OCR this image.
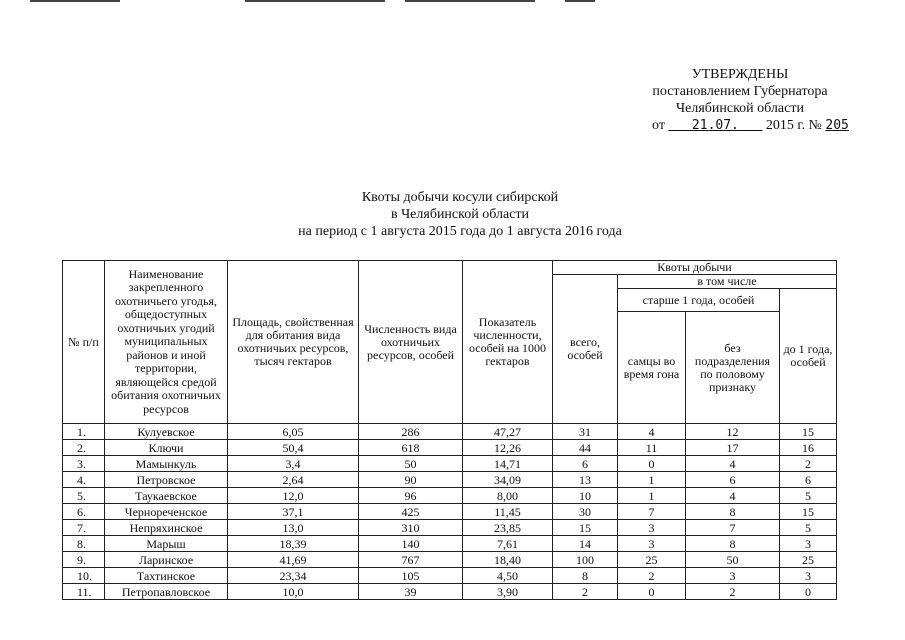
УТВЕРЖДЕНЫ
постановлением Губернатора
Челябинской области
от 21.07. 2015 г. № 205
Квоты добычи косули сибирской
в Челябинской области
на период с 1 августа 2015 года до 1 августа 2016 года
№ п/п	Наименование закрепленного охотничьего угодья, общедоступных охотничьих угодий муниципальных районов и иной территории, являющейся средой обитания охотничьих ресурсов	Площадь, свойственная для обитания вида охотничьих ресурсов, тысяч гектаров	Численность вида охотничьих ресурсов, особей	Показатель численности, особей на 1000 гектаров	Квоты добычи			
					всего, особей	в том числе		
						старше 1 года, особей		до 1 года, особей
						самцы во время гона	без подразделения по половому признаку	
1.	Кулуевское	6,05	286	47,27	31	4	12	15
2.	Ключи	50,4	618	12,26	44	11	17	16
3.	Мамынкуль	3,4	50	14,71	6	0	4	2
4.	Петровское	2,64	90	34,09	13	1	6	6
5.	Таукаевское	12,0	96	8,00	10	1	4	5
6.	Чернореченское	37,1	425	11,45	30	7	8	15
7.	Непряхинское	13,0	310	23,85	15	3	7	5
8.	Марыш	18,39	140	7,61	14	3	8	3
9.	Ларинское	41,69	767	18,40	100	25	50	25
10.	Тахтинское	23,34	105	4,50	8	2	3	3
11.	Петропавловское	10,0	39	3,90	2	0	2	0
